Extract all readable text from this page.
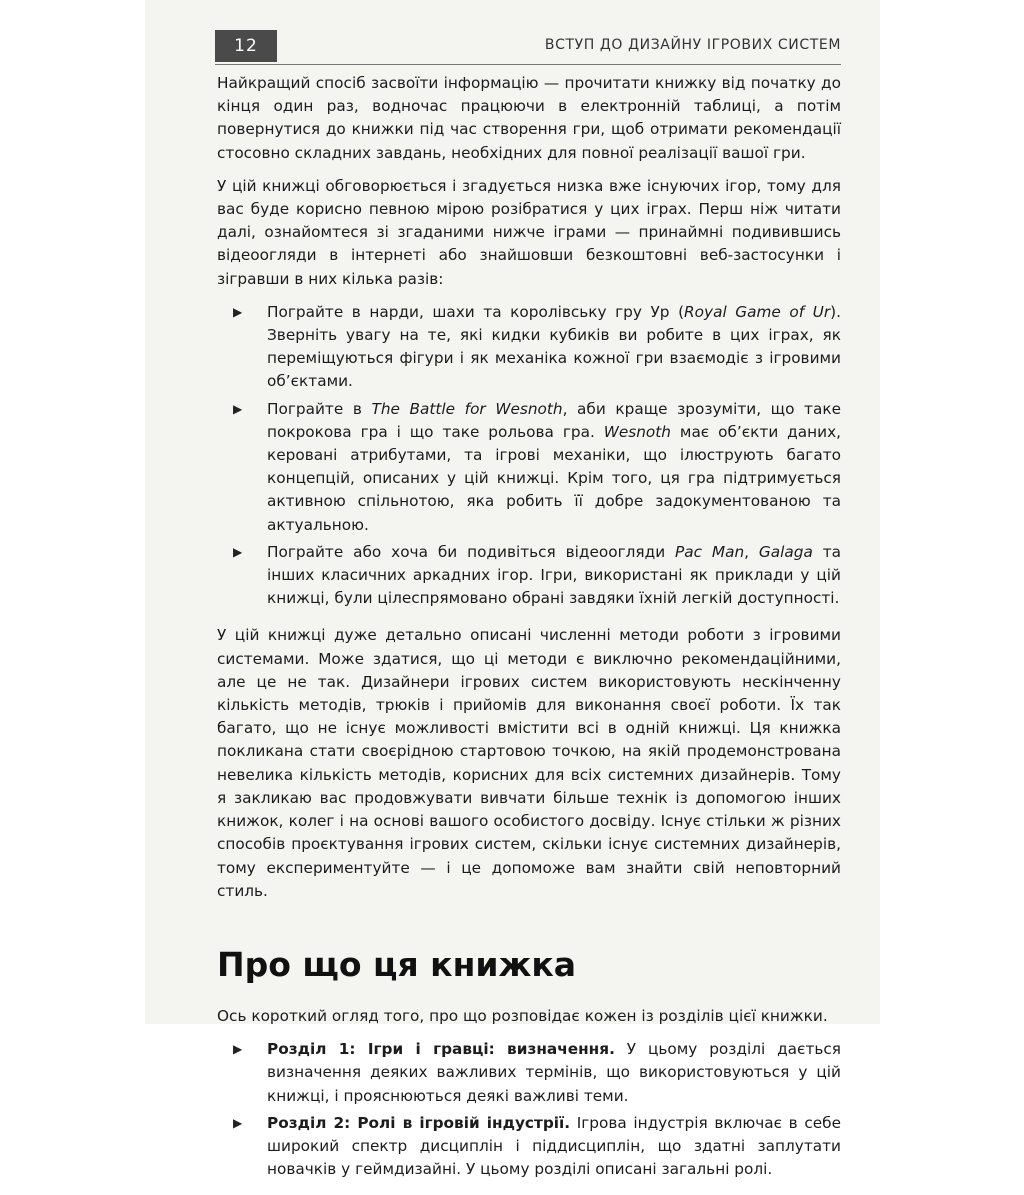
12	ВСТУП ДО ДИЗАЙНУ ІГРОВИХ СИСТЕМ

Найкращий спосіб засвоїти інформацію — прочитати книжку від початку до кінця один раз, водночас працюючи в електронній таблиці, а потім повернутися до книжки під час створення гри, щоб отримати рекомендації стосовно складних завдань, необхідних для повної реалізації вашої гри.

У цій книжці обговорюється і згадується низка вже існуючих ігор, тому для вас буде корисно певною мірою розібратися у цих іграх. Перш ніж читати далі, ознайомтеся зі згаданими нижче іграми — принаймні подивившись відеоогляди в інтернеті або знайшовши безкоштовні веб-застосунки і зігравши в них кілька разів:

▶ Пограйте в нарди, шахи та королівську гру Ур (Royal Game of Ur). Зверніть увагу на те, які кидки кубиків ви робите в цих іграх, як переміщуються фігури і як механіка кожної гри взаємодіє з ігровими об’єктами.
▶ Пограйте в The Battle for Wesnoth, аби краще зрозуміти, що таке покрокова гра і що таке рольова гра. Wesnoth має об’єкти даних, керовані атрибутами, та ігрові механіки, що ілюструють багато концепцій, описаних у цій книжці. Крім того, ця гра підтримується активною спільнотою, яка робить її добре задокументованою та актуальною.
▶ Пограйте або хоча би подивіться відеоогляди Pac Man, Galaga та інших класичних аркадних ігор. Ігри, використані як приклади у цій книжці, були цілеспрямовано обрані завдяки їхній легкій доступності.

У цій книжці дуже детально описані численні методи роботи з ігровими системами. Може здатися, що ці методи є виключно рекомендаційними, але це не так. Дизайнери ігрових систем використовують нескінченну кількість методів, трюків і прийомів для виконання своєї роботи. Їх так багато, що не існує можливості вмістити всі в одній книжці. Ця книжка покликана стати своєрідною стартовою точкою, на якій продемонстрована невелика кількість методів, корисних для всіх системних дизайнерів. Тому я закликаю вас продовжувати вивчати більше технік із допомогою інших книжок, колег і на основі вашого особистого досвіду. Існує стільки ж різних способів проєктування ігрових систем, скільки існує системних дизайнерів, тому експериментуйте — і це допоможе вам знайти свій неповторний стиль.

Про що ця книжка

Ось короткий огляд того, про що розповідає кожен із розділів цієї книжки.

▶ Розділ 1: Ігри і гравці: визначення. У цьому розділі дається визначення деяких важливих термінів, що використовуються у цій книжці, і прояснюються деякі важливі теми.
▶ Розділ 2: Ролі в ігровій індустрії. Ігрова індустрія включає в себе широкий спектр дисциплін і піддисциплін, що здатні заплутати новачків у геймдизайні. У цьому розділі описані загальні ролі.
